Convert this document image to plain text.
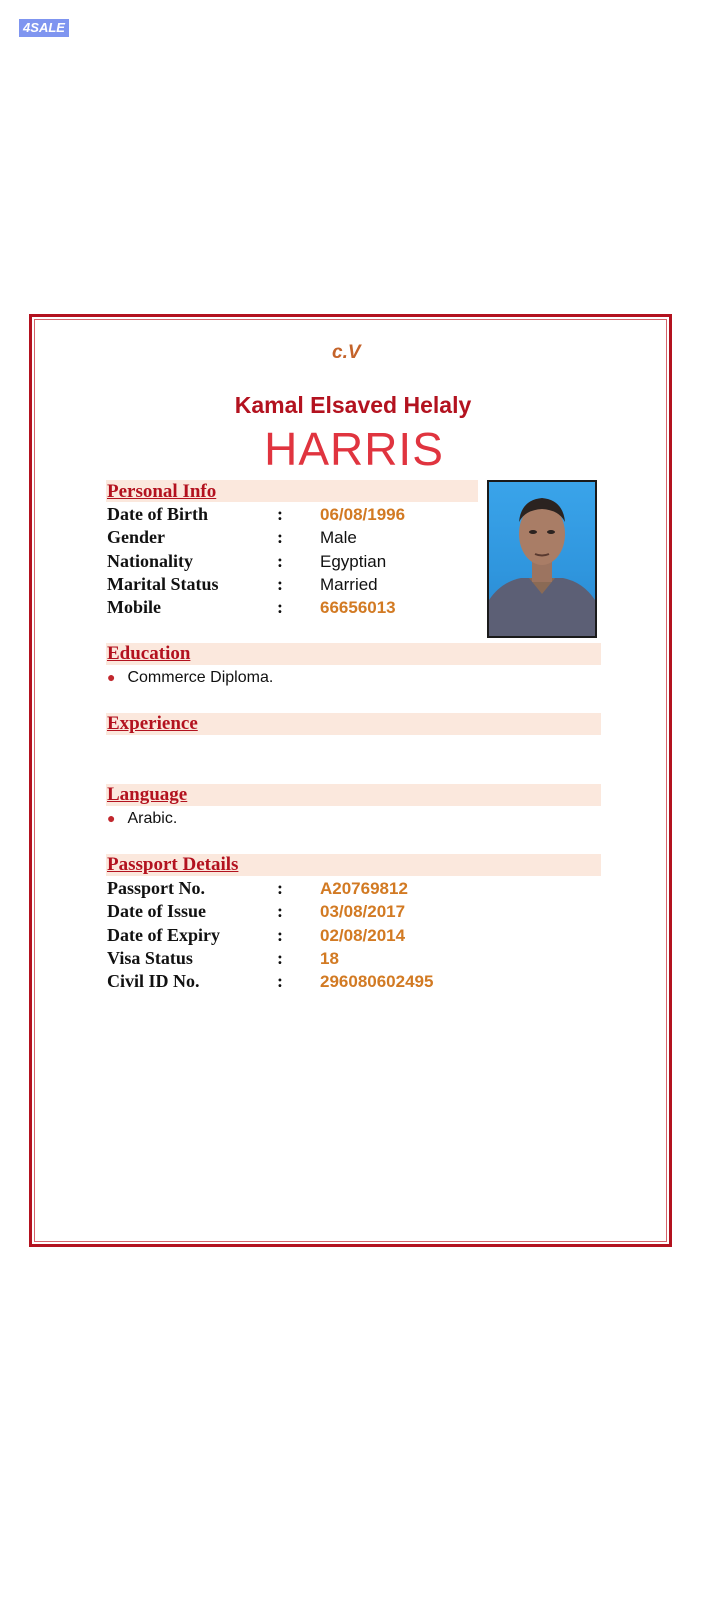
4SALE
c.V
Kamal Elsaved Helaly
HARRIS
Personal Info
Date of Birth	: 06/08/1996
Gender	: Male
Nationality	: Egyptian
Marital Status	: Married
Mobile	: 66656013
Education
● Commerce Diploma.
Experience
Language
● Arabic.
Passport Details
Passport No.	: A20769812
Date of Issue	: 03/08/2017
Date of Expiry	: 02/08/2014
Visa Status	: 18
Civil ID No.	: 296080602495
